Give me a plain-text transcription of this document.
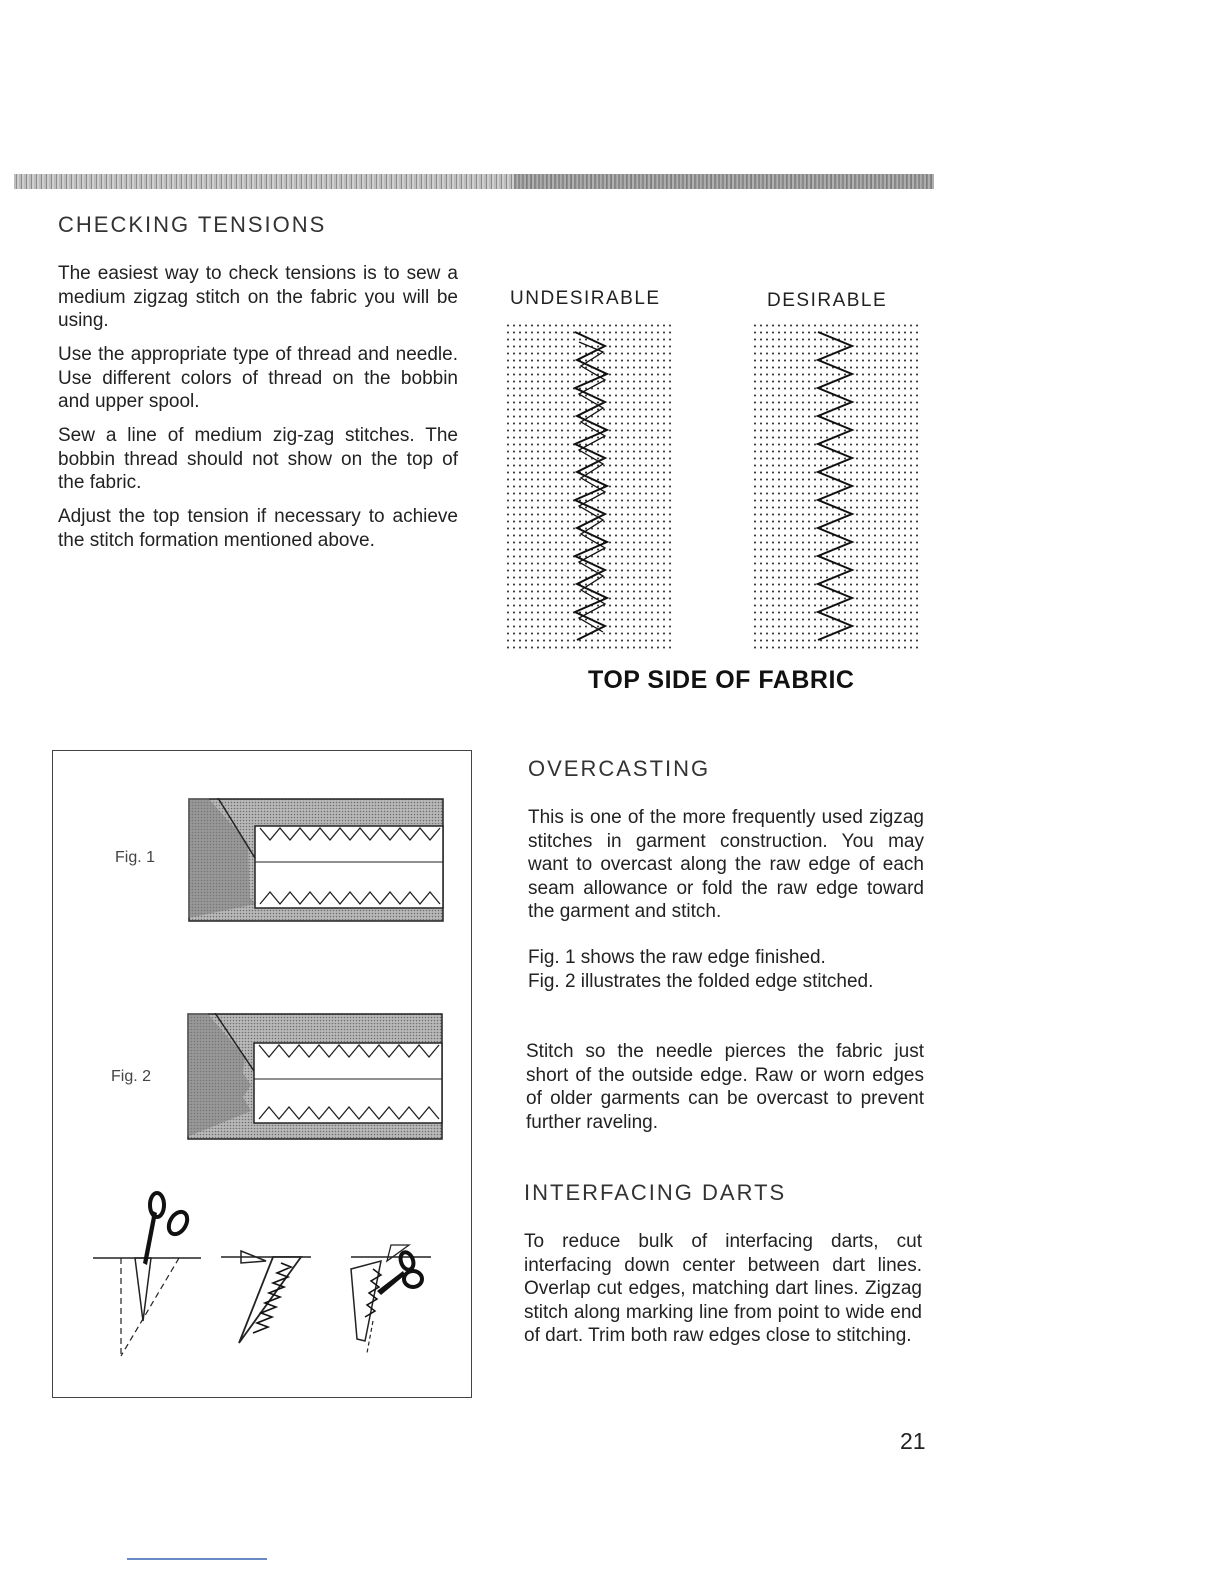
CHECKING TENSIONS

The easiest way to check tensions is to sew a medium zigzag stitch on the fabric you will be using.

Use the appropriate type of thread and needle. Use different colors of thread on the bobbin and upper spool.

Sew a line of medium zig-zag stitches. The bobbin thread should not show on the top of the fabric.

Adjust the top tension if necessary to achieve the stitch formation mentioned above.

UNDESIRABLE	DESIRABLE
TOP SIDE OF FABRIC
Fig. 1
Fig. 2
OVERCASTING

This is one of the more frequently used zigzag stitches in garment construction. You may want to overcast along the raw edge of each seam allowance or fold the raw edge toward the garment and stitch.

Fig. 1 shows the raw edge finished.

Fig. 2 illustrates the folded edge stitched.

Stitch so the needle pierces the fabric just short of the outside edge. Raw or worn edges of older garments can be overcast to prevent further raveling.

INTERFACING DARTS

To reduce bulk of interfacing darts, cut interfacing down center between dart lines. Overlap cut edges, matching dart lines. Zigzag stitch along marking line from point to wide end of dart. Trim both raw edges close to stitching.

21
